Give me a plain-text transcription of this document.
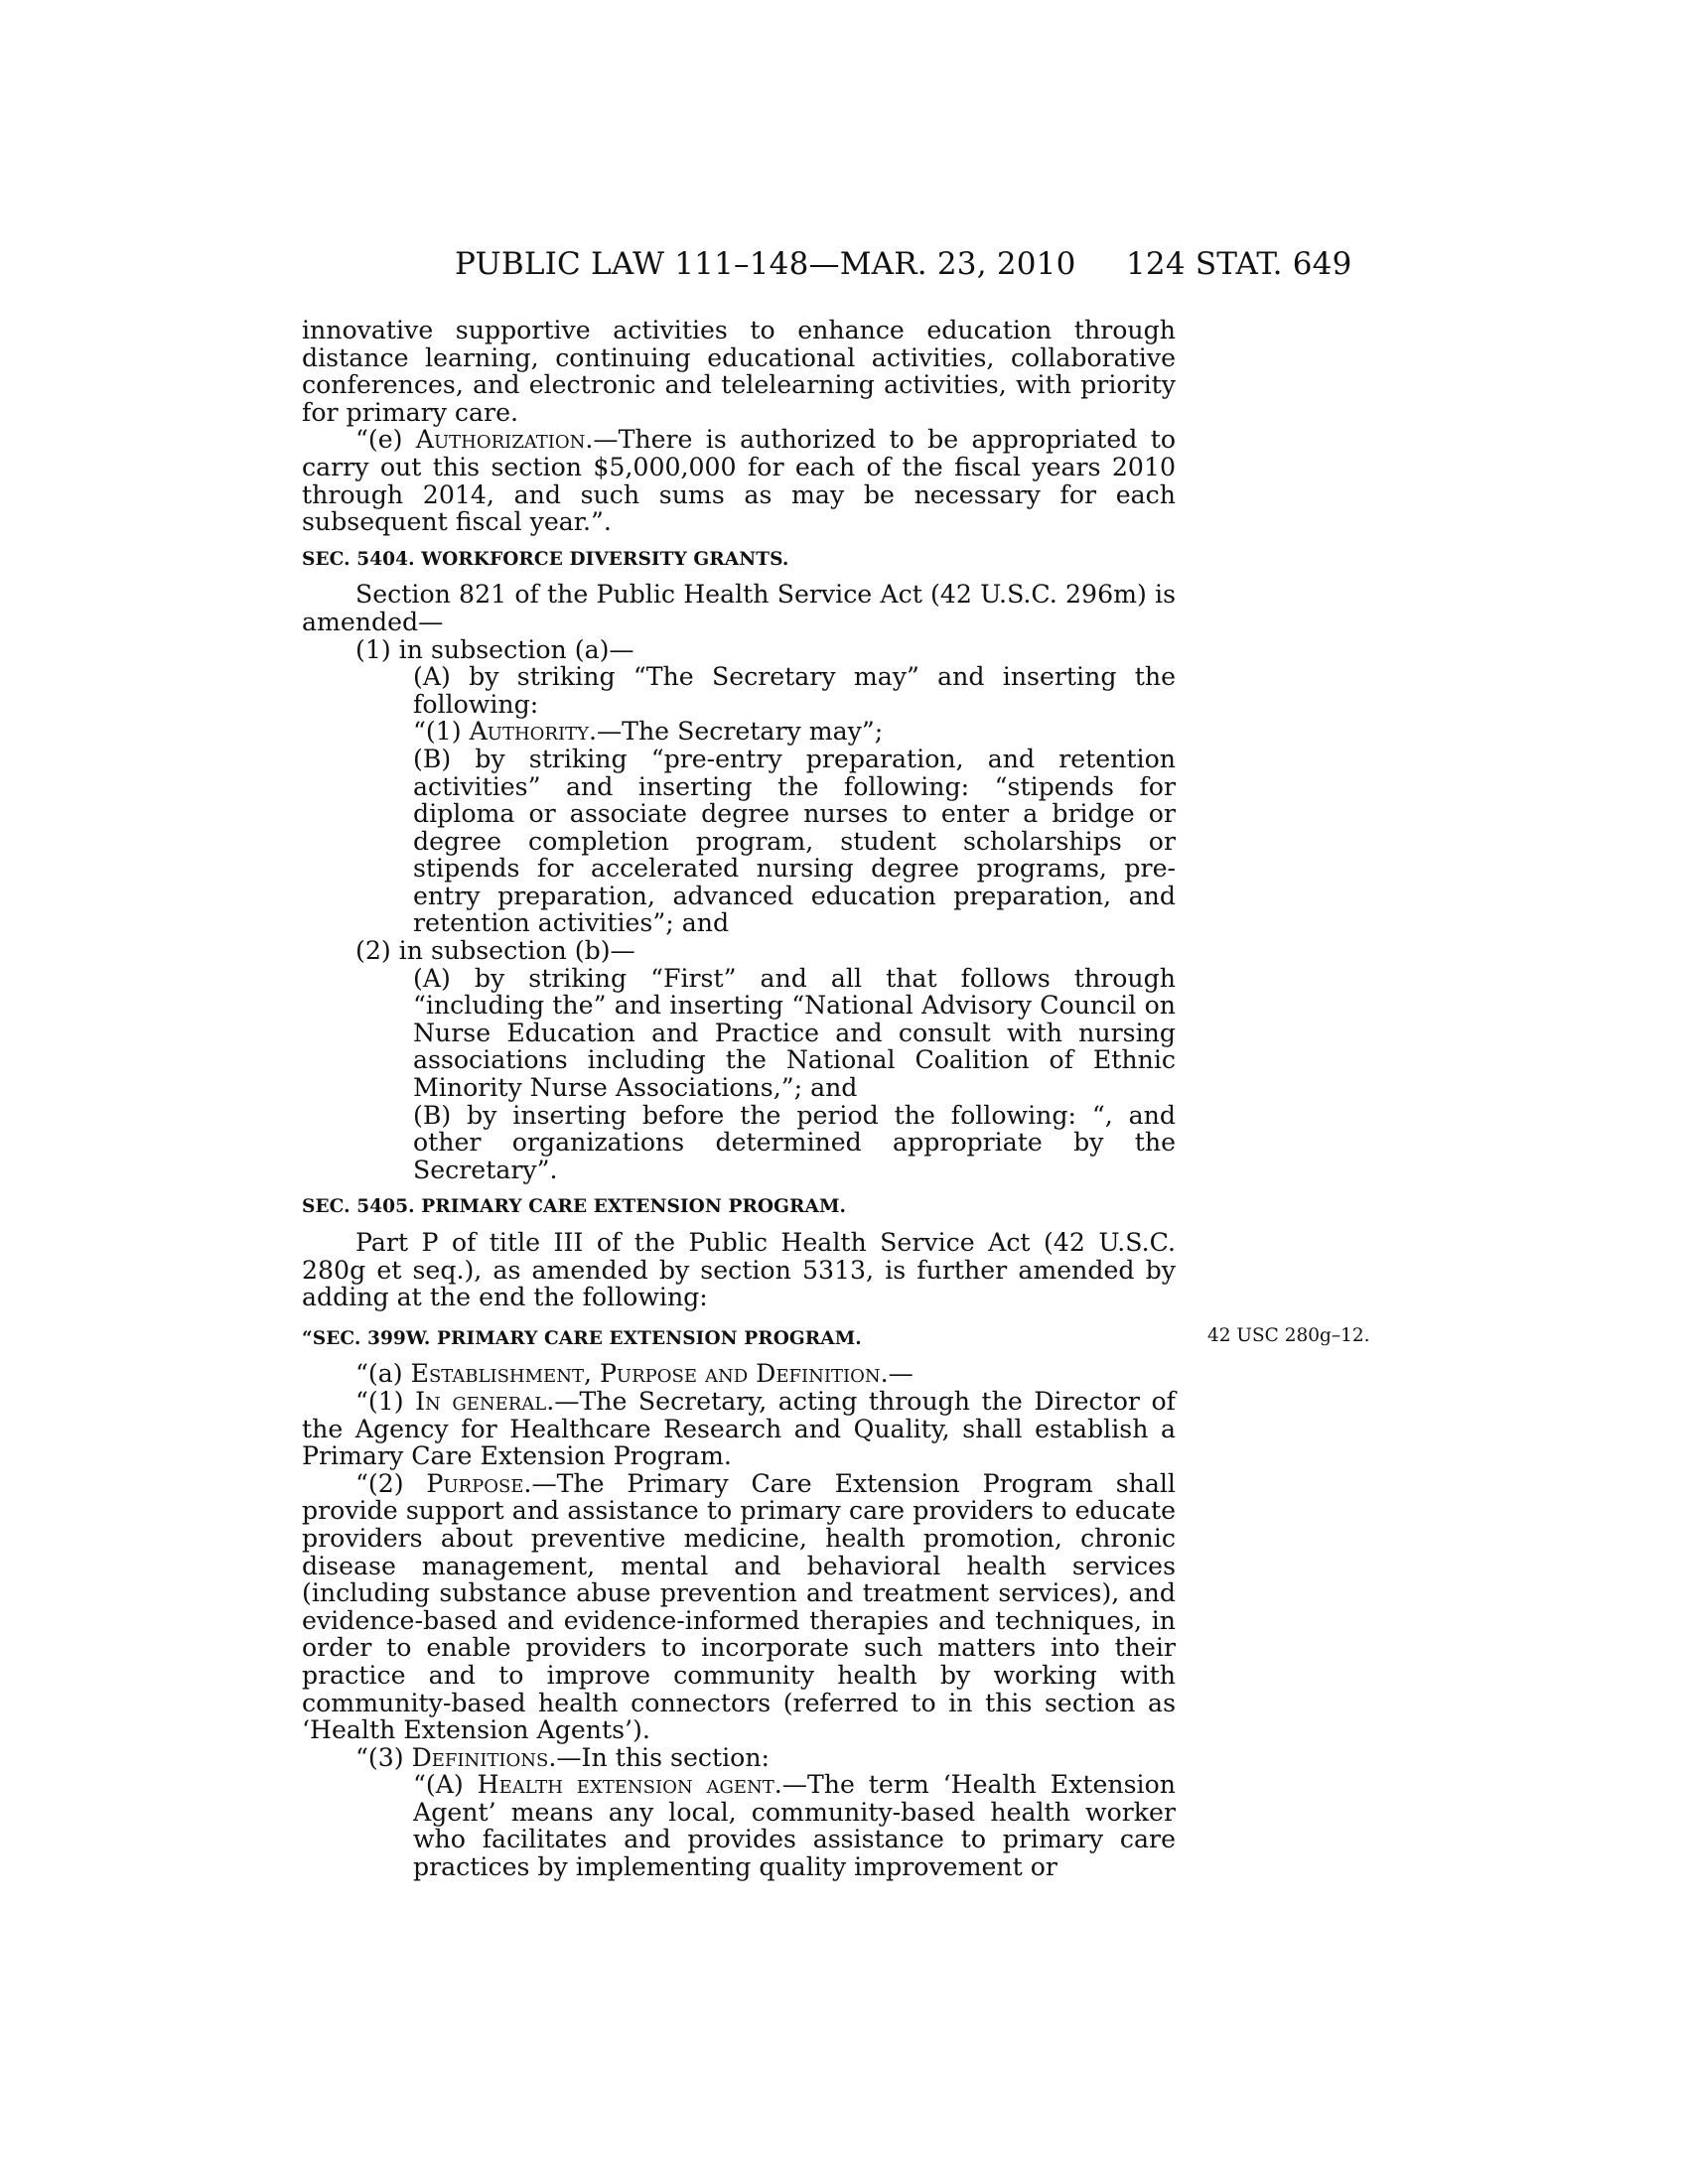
PUBLIC LAW 111–148—MAR. 23, 2010 124 STAT. 649

innovative supportive activities to enhance education through distance learning, continuing educational activities, collaborative conferences, and electronic and telelearning activities, with priority for primary care.

“(e) Authorization.—There is authorized to be appropriated to carry out this section $5,000,000 for each of the fiscal years 2010 through 2014, and such sums as may be necessary for each subsequent fiscal year.”.

SEC. 5404. WORKFORCE DIVERSITY GRANTS.

Section 821 of the Public Health Service Act (42 U.S.C. 296m) is amended—

(1) in subsection (a)—

(A) by striking “The Secretary may” and inserting the following:

“(1) Authority.—The Secretary may”;

(B) by striking “pre-entry preparation, and retention activities” and inserting the following: “stipends for diploma or associate degree nurses to enter a bridge or degree completion program, student scholarships or stipends for accelerated nursing degree programs, pre-entry preparation, advanced education preparation, and retention activities”; and

(2) in subsection (b)—

(A) by striking “First” and all that follows through “including the” and inserting “National Advisory Council on Nurse Education and Practice and consult with nursing associations including the National Coalition of Ethnic Minority Nurse Associations,”; and

(B) by inserting before the period the following: “, and other organizations determined appropriate by the Secretary”.

SEC. 5405. PRIMARY CARE EXTENSION PROGRAM.

Part P of title III of the Public Health Service Act (42 U.S.C. 280g et seq.), as amended by section 5313, is further amended by adding at the end the following:

“SEC. 399W. PRIMARY CARE EXTENSION PROGRAM.

“(a) Establishment, Purpose and Definition.—

“(1) In general.—The Secretary, acting through the Director of the Agency for Healthcare Research and Quality, shall establish a Primary Care Extension Program.

“(2) Purpose.—The Primary Care Extension Program shall provide support and assistance to primary care providers to educate providers about preventive medicine, health promotion, chronic disease management, mental and behavioral health services (including substance abuse prevention and treatment services), and evidence-based and evidence-informed therapies and techniques, in order to enable providers to incorporate such matters into their practice and to improve community health by working with community-based health connectors (referred to in this section as ‘Health Extension Agents’).

“(3) Definitions.—In this section:

“(A) Health extension agent.—The term ‘Health Extension Agent’ means any local, community-based health worker who facilitates and provides assistance to primary care practices by implementing quality improvement or

42 USC 280g–12.
